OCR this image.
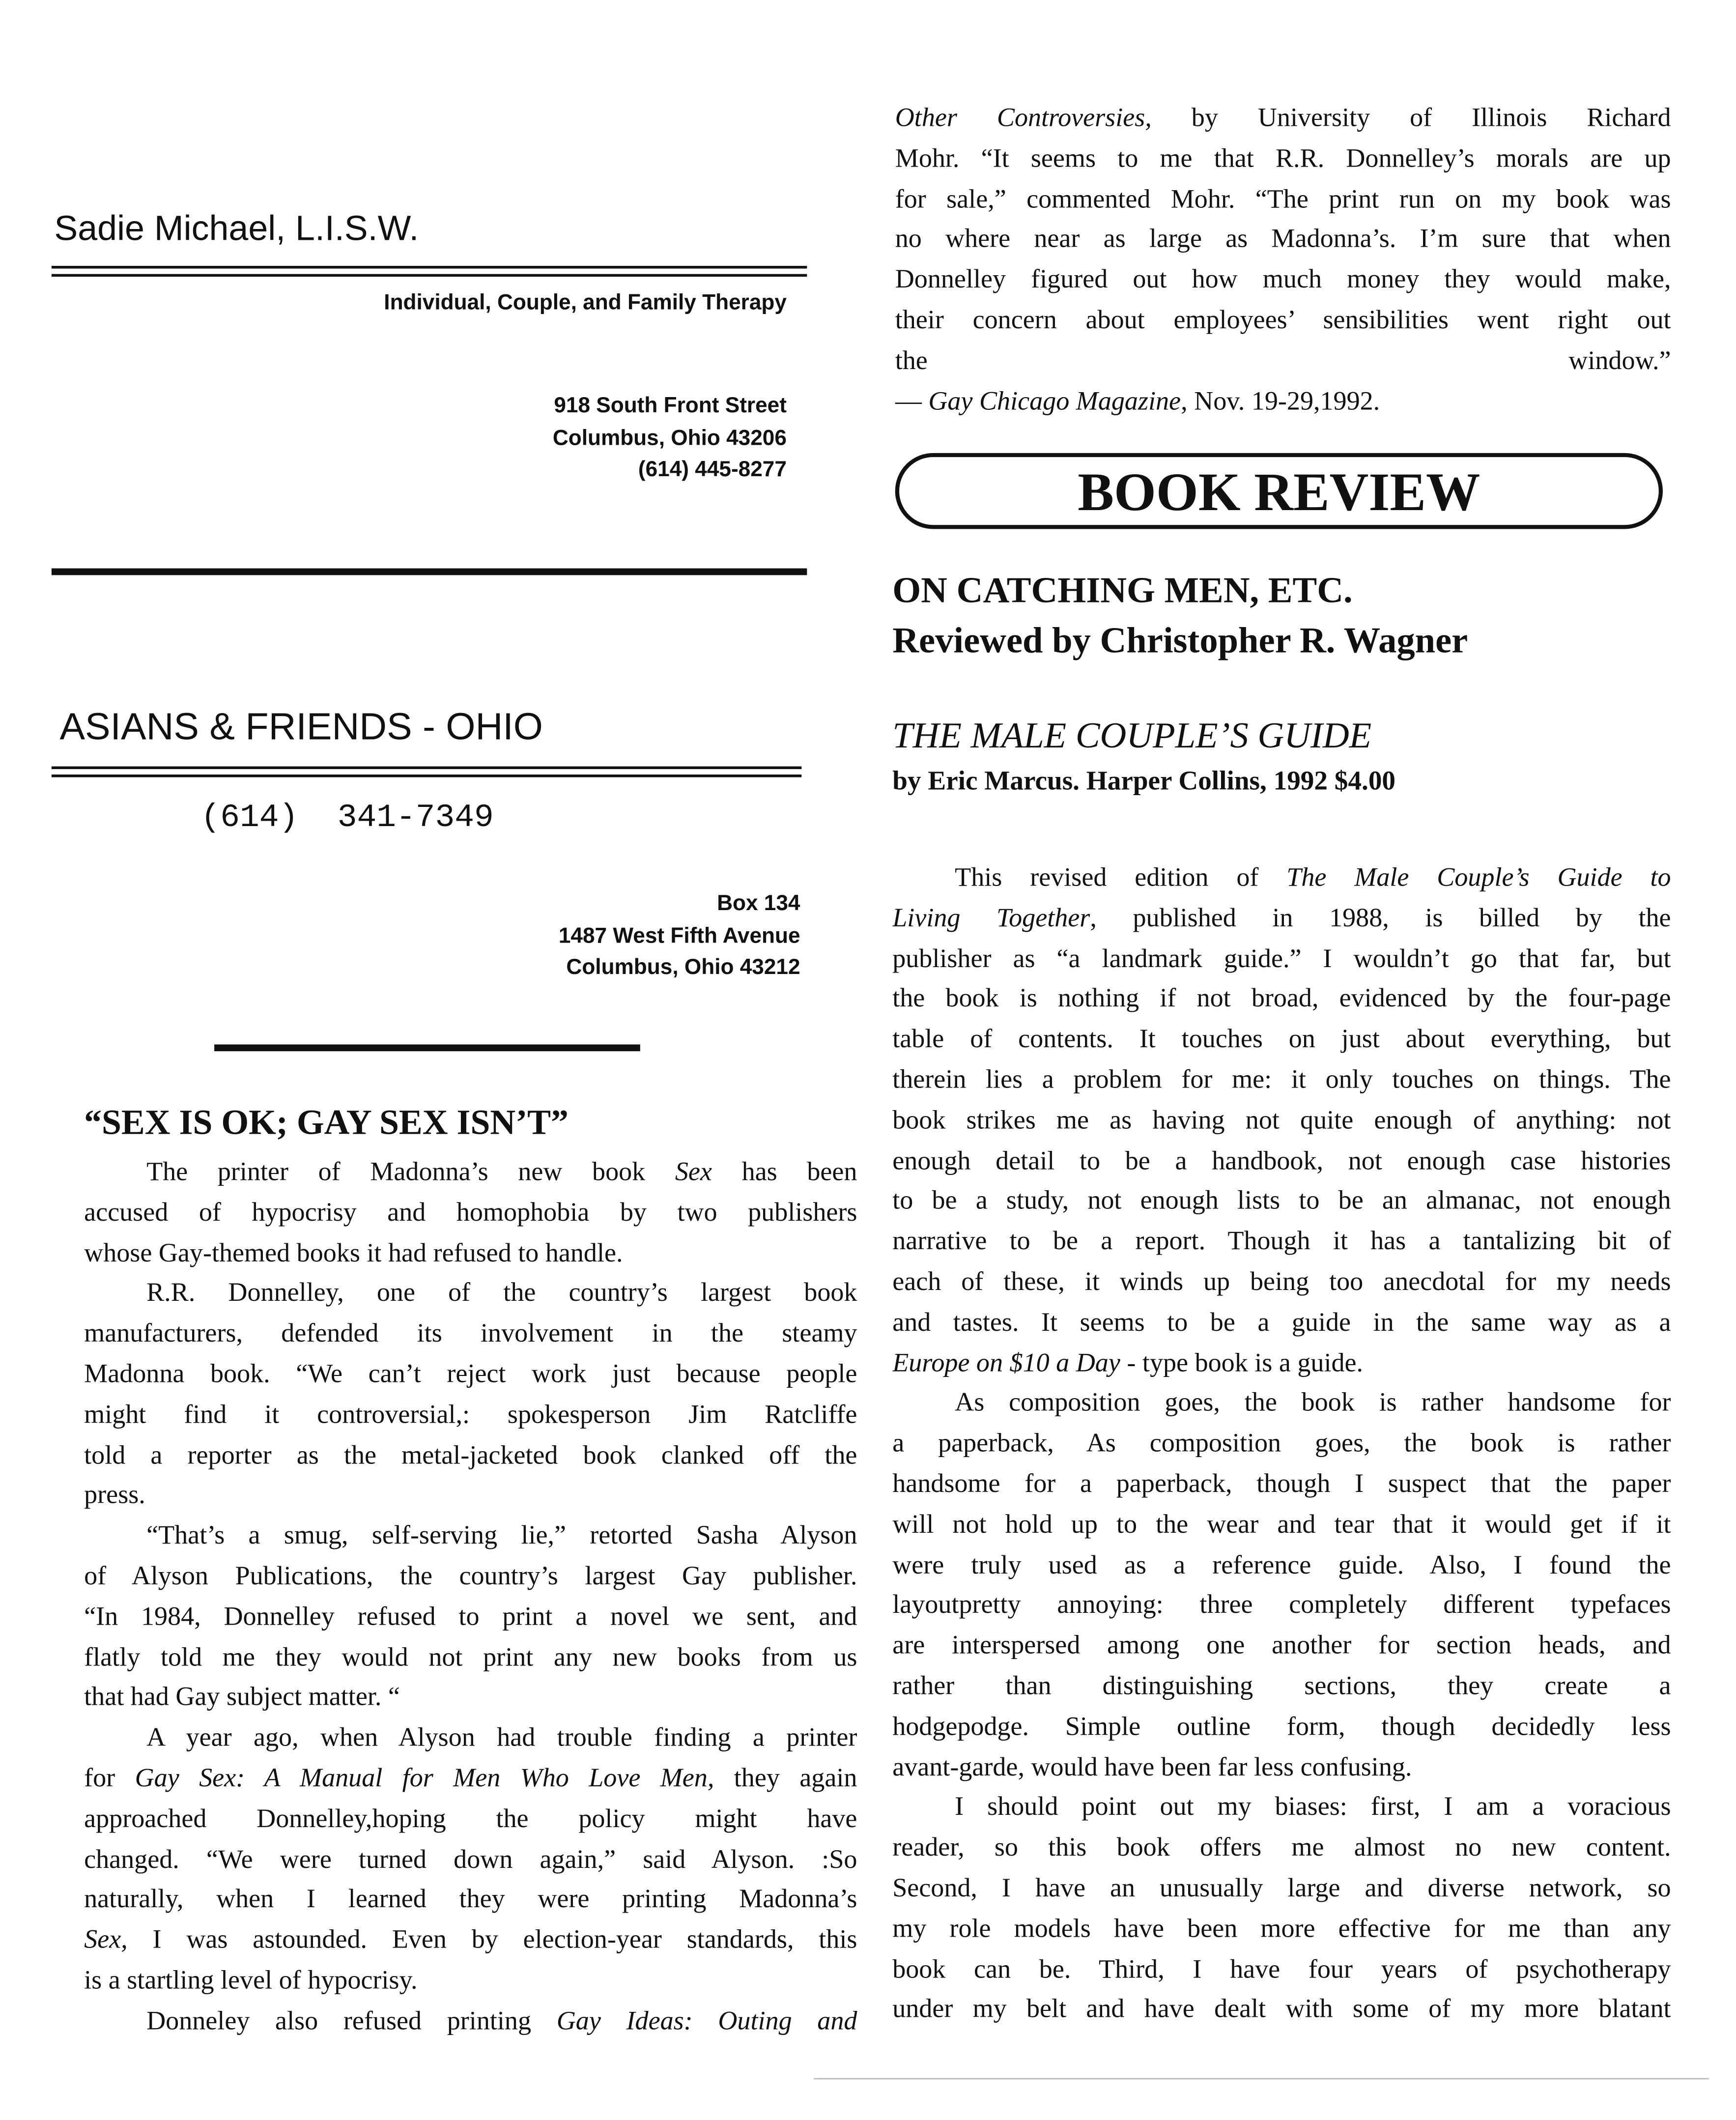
Sadie Michael, L.I.S.W.
Individual, Couple, and Family Therapy
918 South Front Street
Columbus, Ohio 43206
(614) 445-8277
ASIANS & FRIENDS - OHIO
(614)  341-7349
Box 134
1487 West Fifth Avenue
Columbus, Ohio 43212
“SEX IS OK; GAY SEX ISN’T”
The printer of Madonna’s new book Sex has been
accused of hypocrisy and homophobia by two publishers
whose Gay-themed books it had refused to handle.
R.R. Donnelley, one of the country’s largest book
manufacturers, defended its involvement in the steamy
Madonna book. “We can’t reject work just because people
might find it controversial,: spokesperson Jim Ratcliffe
told a reporter as the metal-jacketed book clanked off the
press.
“That’s a smug, self-serving lie,” retorted Sasha Alyson
of Alyson Publications, the country’s largest Gay publisher.
“In 1984, Donnelley refused to print a novel we sent, and
flatly told me they would not print any new books from us
that had Gay subject matter. “
A year ago, when Alyson had trouble finding a printer
for Gay Sex: A Manual for Men Who Love Men, they again
approached Donnelley,hoping the policy might have
changed. “We were turned down again,” said Alyson. :So
naturally, when I learned they were printing Madonna’s
Sex, I was astounded. Even by election-year standards, this
is a startling level of hypocrisy.
Donneley also refused printing Gay Ideas: Outing and
Other Controversies, by University of Illinois Richard
Mohr. “It seems to me that R.R. Donnelley’s morals are up
for sale,” commented Mohr. “The print run on my book was
no where near as large as Madonna’s. I’m sure that when
Donnelley figured out how much money they would make,
their concern about employees’ sensibilities went right out
the window.”
— Gay Chicago Magazine, Nov. 19-29,1992.
BOOK REVIEW
ON CATCHING MEN, ETC.
Reviewed by Christopher R. Wagner
THE MALE COUPLE’S GUIDE
by Eric Marcus. Harper Collins, 1992 $4.00
This revised edition of The Male Couple’s Guide to
Living Together, published in 1988, is billed by the
publisher as “a landmark guide.” I wouldn’t go that far, but
the book is nothing if not broad, evidenced by the four-page
table of contents. It touches on just about everything, but
therein lies a problem for me: it only touches on things. The
book strikes me as having not quite enough of anything: not
enough detail to be a handbook, not enough case histories
to be a study, not enough lists to be an almanac, not enough
narrative to be a report. Though it has a tantalizing bit of
each of these, it winds up being too anecdotal for my needs
and tastes. It seems to be a guide in the same way as a
Europe on $10 a Day - type book is a guide.
As composition goes, the book is rather handsome for
a paperback, As composition goes, the book is rather
handsome for a paperback, though I suspect that the paper
will not hold up to the wear and tear that it would get if it
were truly used as a reference guide. Also, I found the
layoutpretty annoying: three completely different typefaces
are interspersed among one another for section heads, and
rather than distinguishing sections, they create a
hodgepodge. Simple outline form, though decidedly less
avant-garde, would have been far less confusing.
I should point out my biases: first, I am a voracious
reader, so this book offers me almost no new content.
Second, I have an unusually large and diverse network, so
my role models have been more effective for me than any
book can be. Third, I have four years of psychotherapy
under my belt and have dealt with some of my more blatant
